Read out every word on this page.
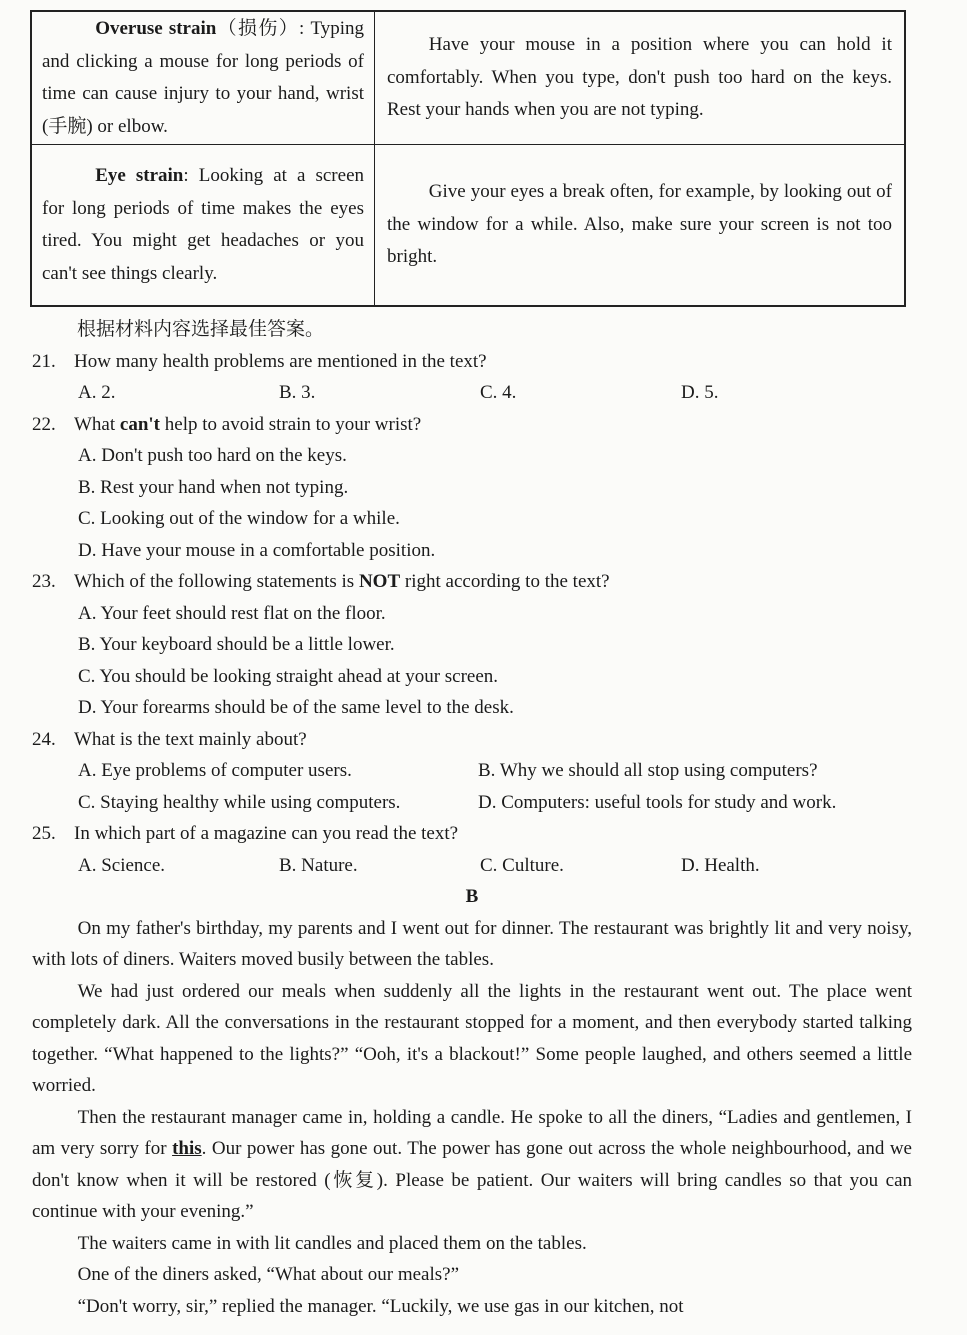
Overuse strain（损伤）: Typing and clicking a mouse for long periods of time can cause injury to your hand, wrist (手腕) or elbow.	Have your mouse in a position where you can hold it comfortably. When you type, don't push too hard on the keys. Rest your hands when you are not typing.

Eye strain: Looking at a screen for long periods of time makes the eyes tired. You might get headaches or you can't see things clearly.	Give your eyes a break often, for example, by looking out of the window for a while. Also, make sure your screen is not too bright.
根据材料内容选择最佳答案。
21. How many health problems are mentioned in the text?
A. 2.	B. 3.	C. 4.	D. 5.
22. What can't help to avoid strain to your wrist?
A. Don't push too hard on the keys.
B. Rest your hand when not typing.
C. Looking out of the window for a while.
D. Have your mouse in a comfortable position.
23. Which of the following statements is NOT right according to the text?
A. Your feet should rest flat on the floor.
B. Your keyboard should be a little lower.
C. You should be looking straight ahead at your screen.
D. Your forearms should be of the same level to the desk.
24. What is the text mainly about?
A. Eye problems of computer users.	B. Why we should all stop using computers?
C. Staying healthy while using computers.	D. Computers: useful tools for study and work.
25. In which part of a magazine can you read the text?
A. Science.	B. Nature.	C. Culture.	D. Health.
B
On my father's birthday, my parents and I went out for dinner. The restaurant was brightly lit and very noisy, with lots of diners. Waiters moved busily between the tables.
We had just ordered our meals when suddenly all the lights in the restaurant went out. The place went completely dark. All the conversations in the restaurant stopped for a moment, and then everybody started talking together. “What happened to the lights?” “Ooh, it's a blackout!” Some people laughed, and others seemed a little worried.
Then the restaurant manager came in, holding a candle. He spoke to all the diners, “Ladies and gentlemen, I am very sorry for this. Our power has gone out. The power has gone out across the whole neighbourhood, and we don't know when it will be restored (恢复). Please be patient. Our waiters will bring candles so that you can continue with your evening.”
The waiters came in with lit candles and placed them on the tables.
One of the diners asked, “What about our meals?”
“Don't worry, sir,” replied the manager. “Luckily, we use gas in our kitchen, not
